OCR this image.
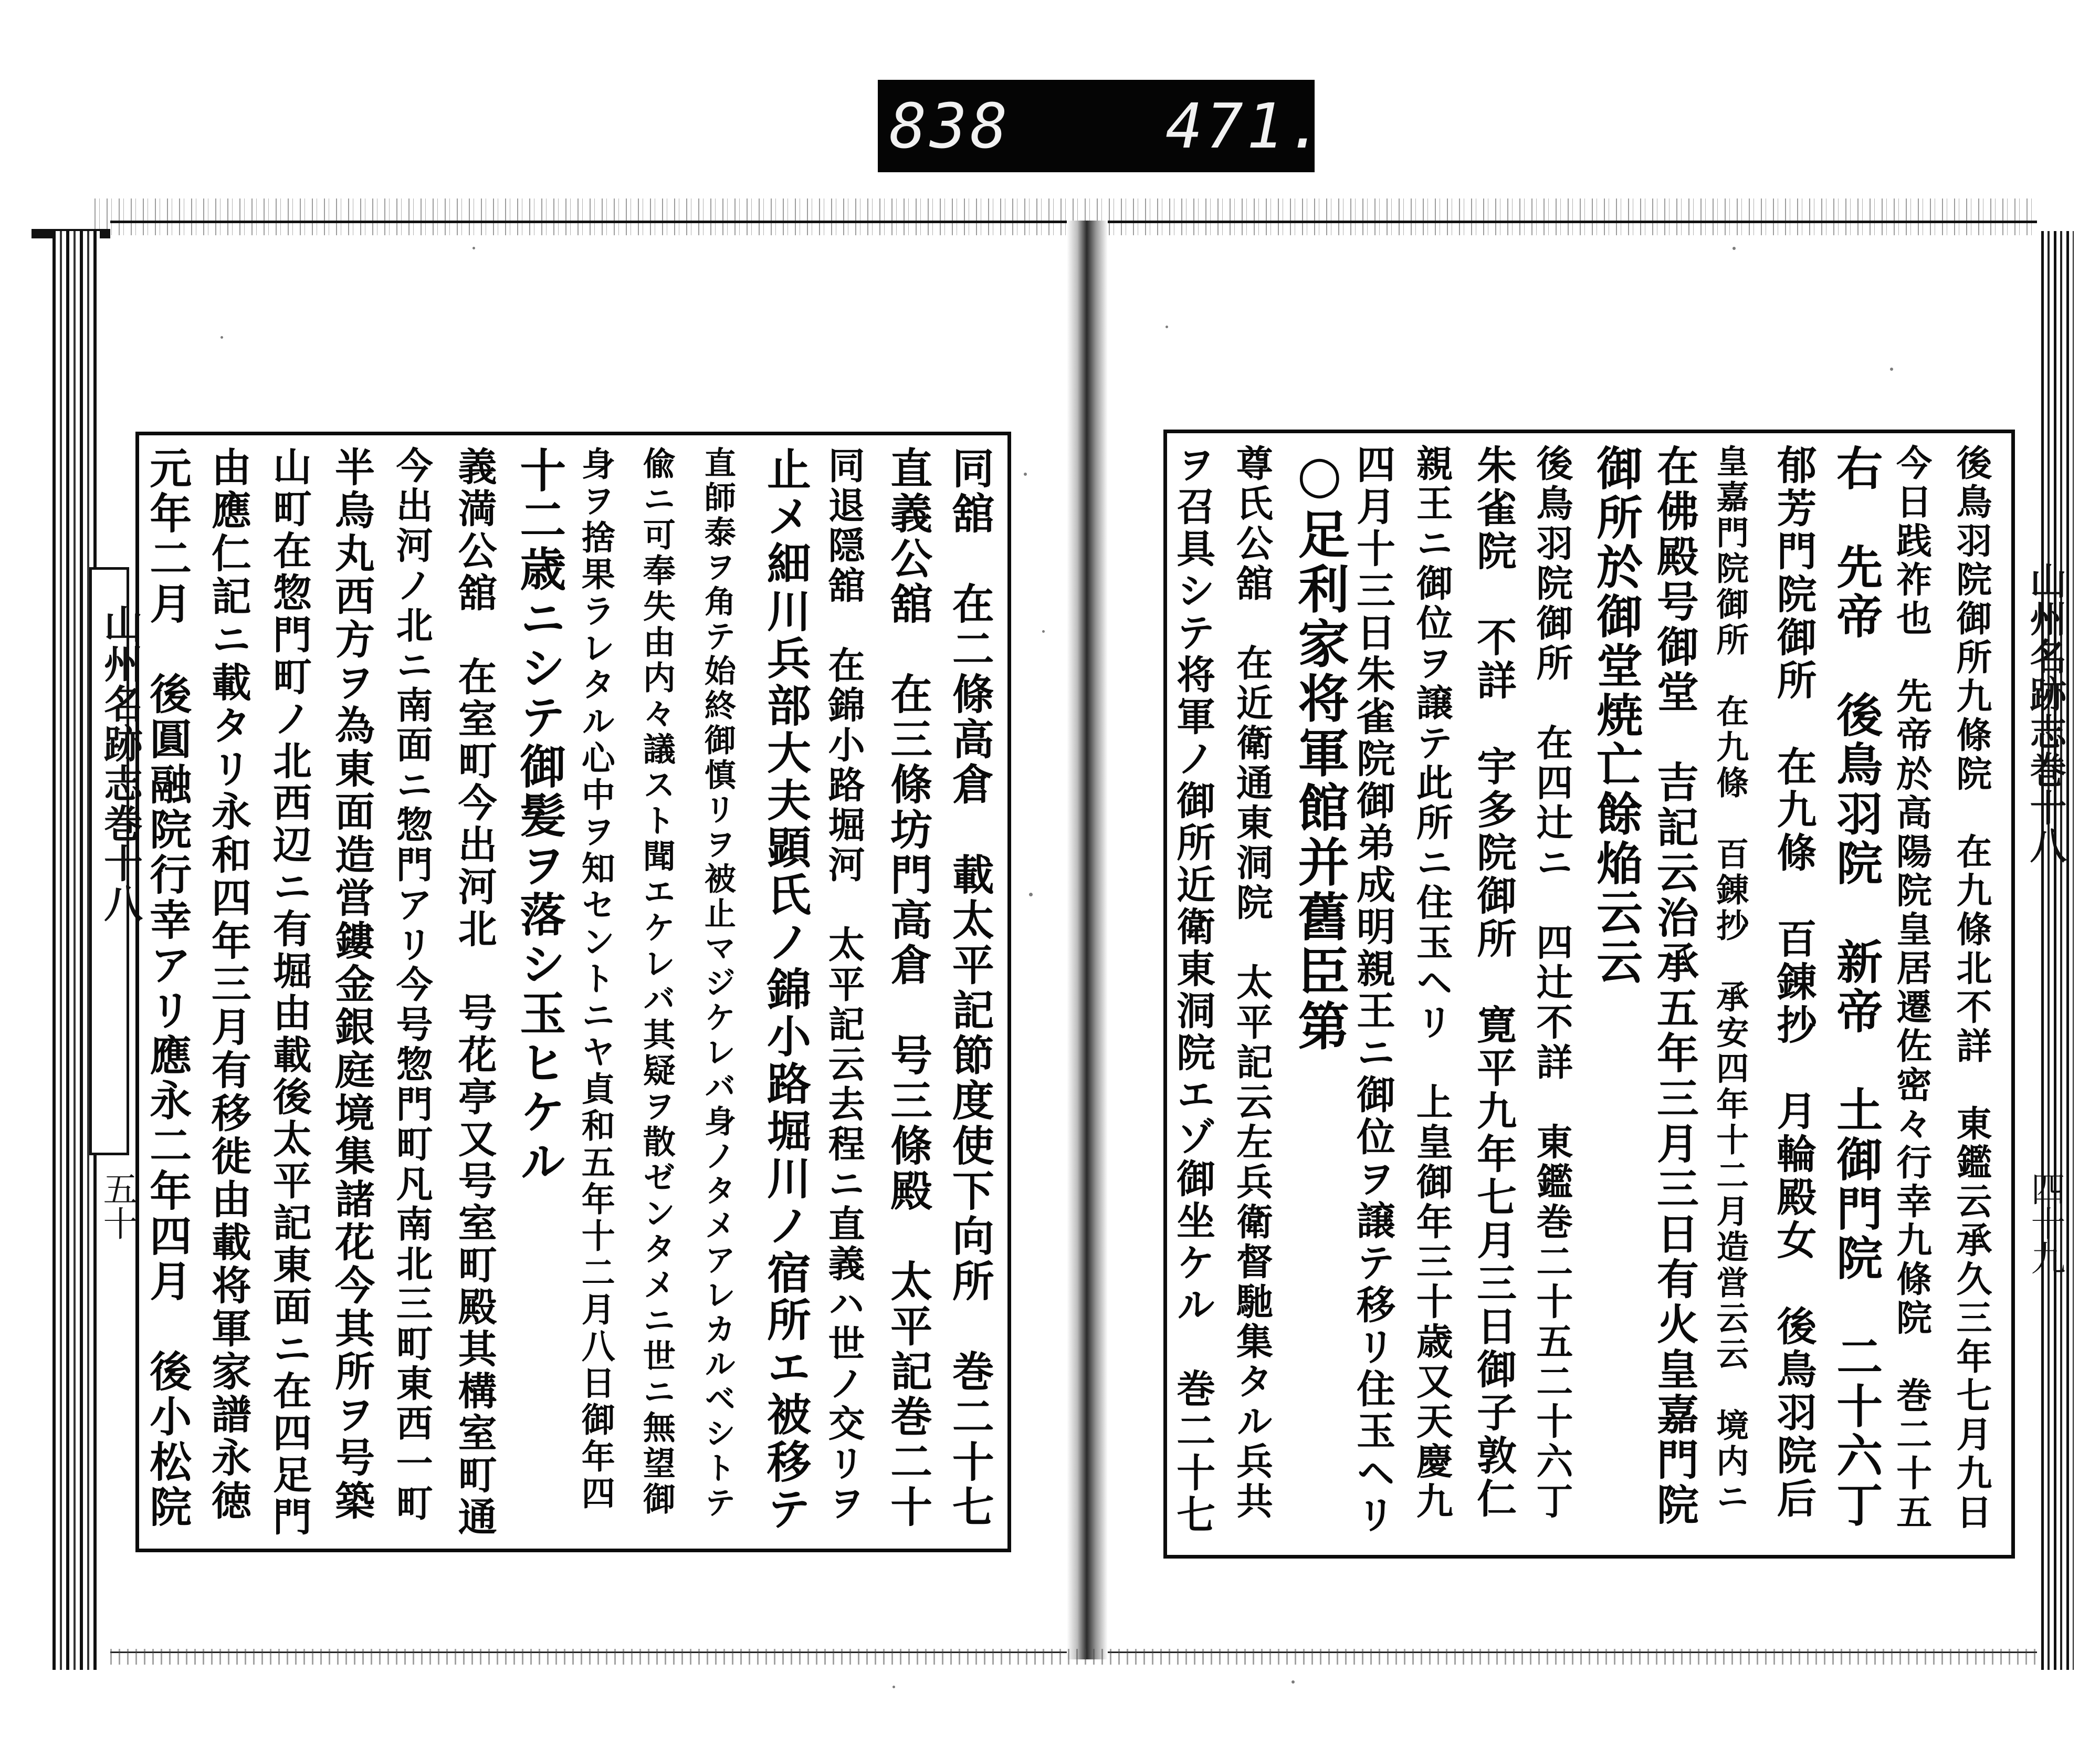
838 471.
山州名跡志巻十八
五十
山州名跡志巻十八
四十九
同舘　在二條高倉　載太平記節度使下向所　巻二十七
直義公舘　在三條坊門高倉　号三條殿　太平記巻二十
同退隠舘　在錦小路堀河　太平記云去程ニ直義ハ世ノ交リヲ
止メ細川兵部大夫顕氏ノ錦小路堀川ノ宿所エ被移テ
直師泰ヲ角テ始終御慎リヲ被止マジケレバ身ノタメアレカルベシトテ
偸ニ可奉失由内々議スト聞エケレバ其疑ヲ散ゼンタメニ世ニ無望御
身ヲ捨果ラレタル心中ヲ知セントニヤ貞和五年十二月八日御年四
十二歳ニシテ御髪ヲ落シ玉ヒケル
義満公舘　在室町今出河北　号花亭又号室町殿其構室町通
今出河ノ北ニ南面ニ惣門アリ今号惣門町凡南北三町東西一町
半烏丸西方ヲ為東面造営鏤金銀庭境集諸花今其所ヲ号築
山町在惣門町ノ北西辺ニ有堀由載後太平記東面ニ在四足門
由應仁記ニ載タリ永和四年三月有移徙由載将軍家譜永徳
元年二月　後圓融院行幸アリ應永二年四月　後小松院	後鳥羽院御所九條院　在九條北不詳　東鑑云承久三年七月九日
今日践祚也　先帝於高陽院皇居遷佐密々行幸九條院　巻二十五
右　先帝　後鳥羽院　新帝　土御門院　二十六丁
郁芳門院御所　在九條　百錬抄　月輪殿女　後鳥羽院后
皇嘉門院御所　在九條　百錬抄　承安四年十二月造営云云　境内ニ
在佛殿号御堂　吉記云治承五年三月三日有火皇嘉門院
御所於御堂焼亡餘焔云云
後鳥羽院御所　在四辻ニ　四辻不詳　東鑑巻二十五二十六丁
朱雀院　不詳　宇多院御所　寛平九年七月三日御子敦仁
親王ニ御位ヲ譲テ此所ニ住玉ヘリ　上皇御年三十歳又天慶九
四月十三日朱雀院御弟成明親王ニ御位ヲ譲テ移リ住玉ヘリ
○足利家将軍館并舊臣第
尊氏公舘　在近衛通東洞院　太平記云左兵衛督馳集タル兵共
ヲ召具シテ将軍ノ御所近衛東洞院エゾ御坐ケル　巻二十七
